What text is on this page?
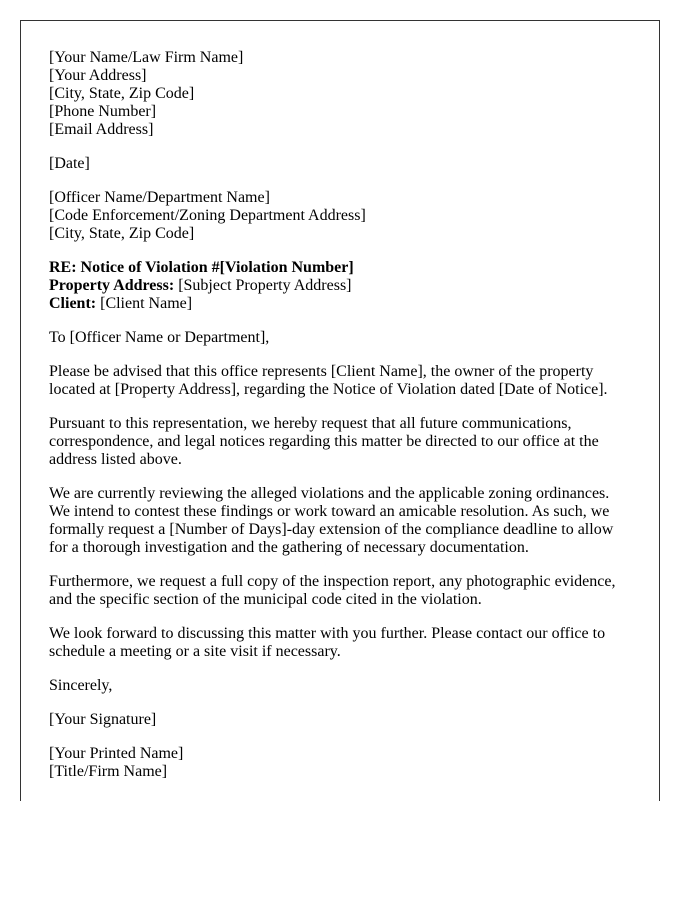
[Your Name/Law Firm Name]
[Your Address]
[City, State, Zip Code]
[Phone Number]
[Email Address]

[Date]

[Officer Name/Department Name]
[Code Enforcement/Zoning Department Address]
[City, State, Zip Code]

RE: Notice of Violation #[Violation Number]
Property Address: [Subject Property Address]
Client: [Client Name]

To [Officer Name or Department],

Please be advised that this office represents [Client Name], the owner of the property located at [Property Address], regarding the Notice of Violation dated [Date of Notice].

Pursuant to this representation, we hereby request that all future communications, correspondence, and legal notices regarding this matter be directed to our office at the address listed above.

We are currently reviewing the alleged violations and the applicable zoning ordinances. We intend to contest these findings or work toward an amicable resolution. As such, we formally request a [Number of Days]-day extension of the compliance deadline to allow for a thorough investigation and the gathering of necessary documentation.

Furthermore, we request a full copy of the inspection report, any photographic evidence, and the specific section of the municipal code cited in the violation.

We look forward to discussing this matter with you further. Please contact our office to schedule a meeting or a site visit if necessary.

Sincerely,

[Your Signature]

[Your Printed Name]
[Title/Firm Name]
